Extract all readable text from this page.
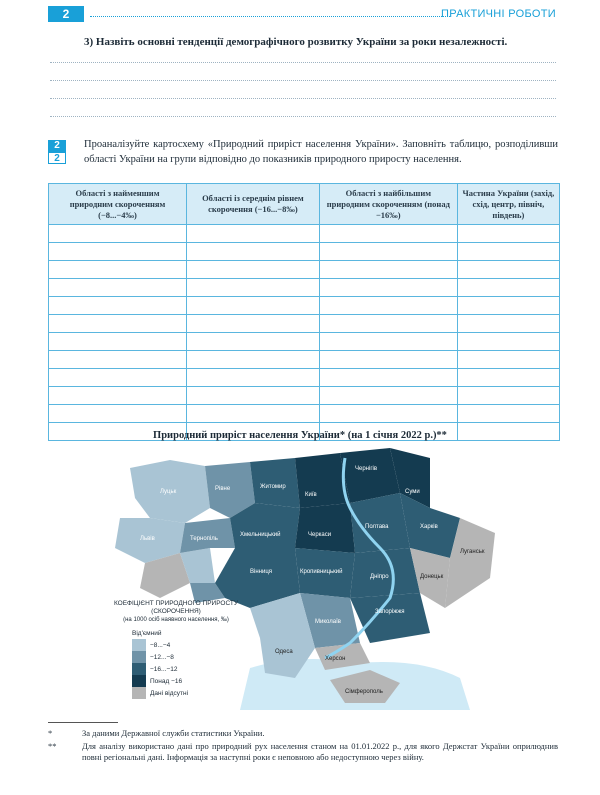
2	ПРАКТИЧНІ РОБОТИ
3) Назвіть основні тенденції демографічного розвитку України за роки незалежності.
2
2
Проаналізуйте картосхему «Природний приріст населення України». Заповніть таблицю, розподіливши області України на групи відповідно до показників природного приросту населення.
Області з найменшим природним скороченням (−8...−4‰)	Області із середнім рівнем скорочення (−16...−8‰)	Області з найбільшим природним скороченням (понад −16‰)	Частина України (захід, схід, центр, північ, південь)

Природний приріст населення України* (на 1 січня 2022 р.)**
Чернігів
Суми
Харків
Житомир
Київ
Рівне
Луцьк
Львів	Тернопіль
Хмельницький
Вінниця
Черкаси
Полтава
Кропивницький
Дніпро
Запоріжжя
Донецьк
Луганськ
Миколаїв
Одеса
Херсон
Сімферополь
КОЕФІЦІЄНТ ПРИРОДНОГО ПРИРОСТУ (СКОРОЧЕННЯ)
(на 1000 осіб наявного населення, ‰)
Від'ємний
−8...−4
−12...−8
−16...−12
Понад −16
Дані відсутні
*	За даними Державної служби статистики України.
**	Для аналізу використано дані про природний рух населення станом на 01.01.2022 р., для якого Держстат України оприлюднив повні регіональні дані. Інформація за наступні роки є неповною або недоступною через війну.
